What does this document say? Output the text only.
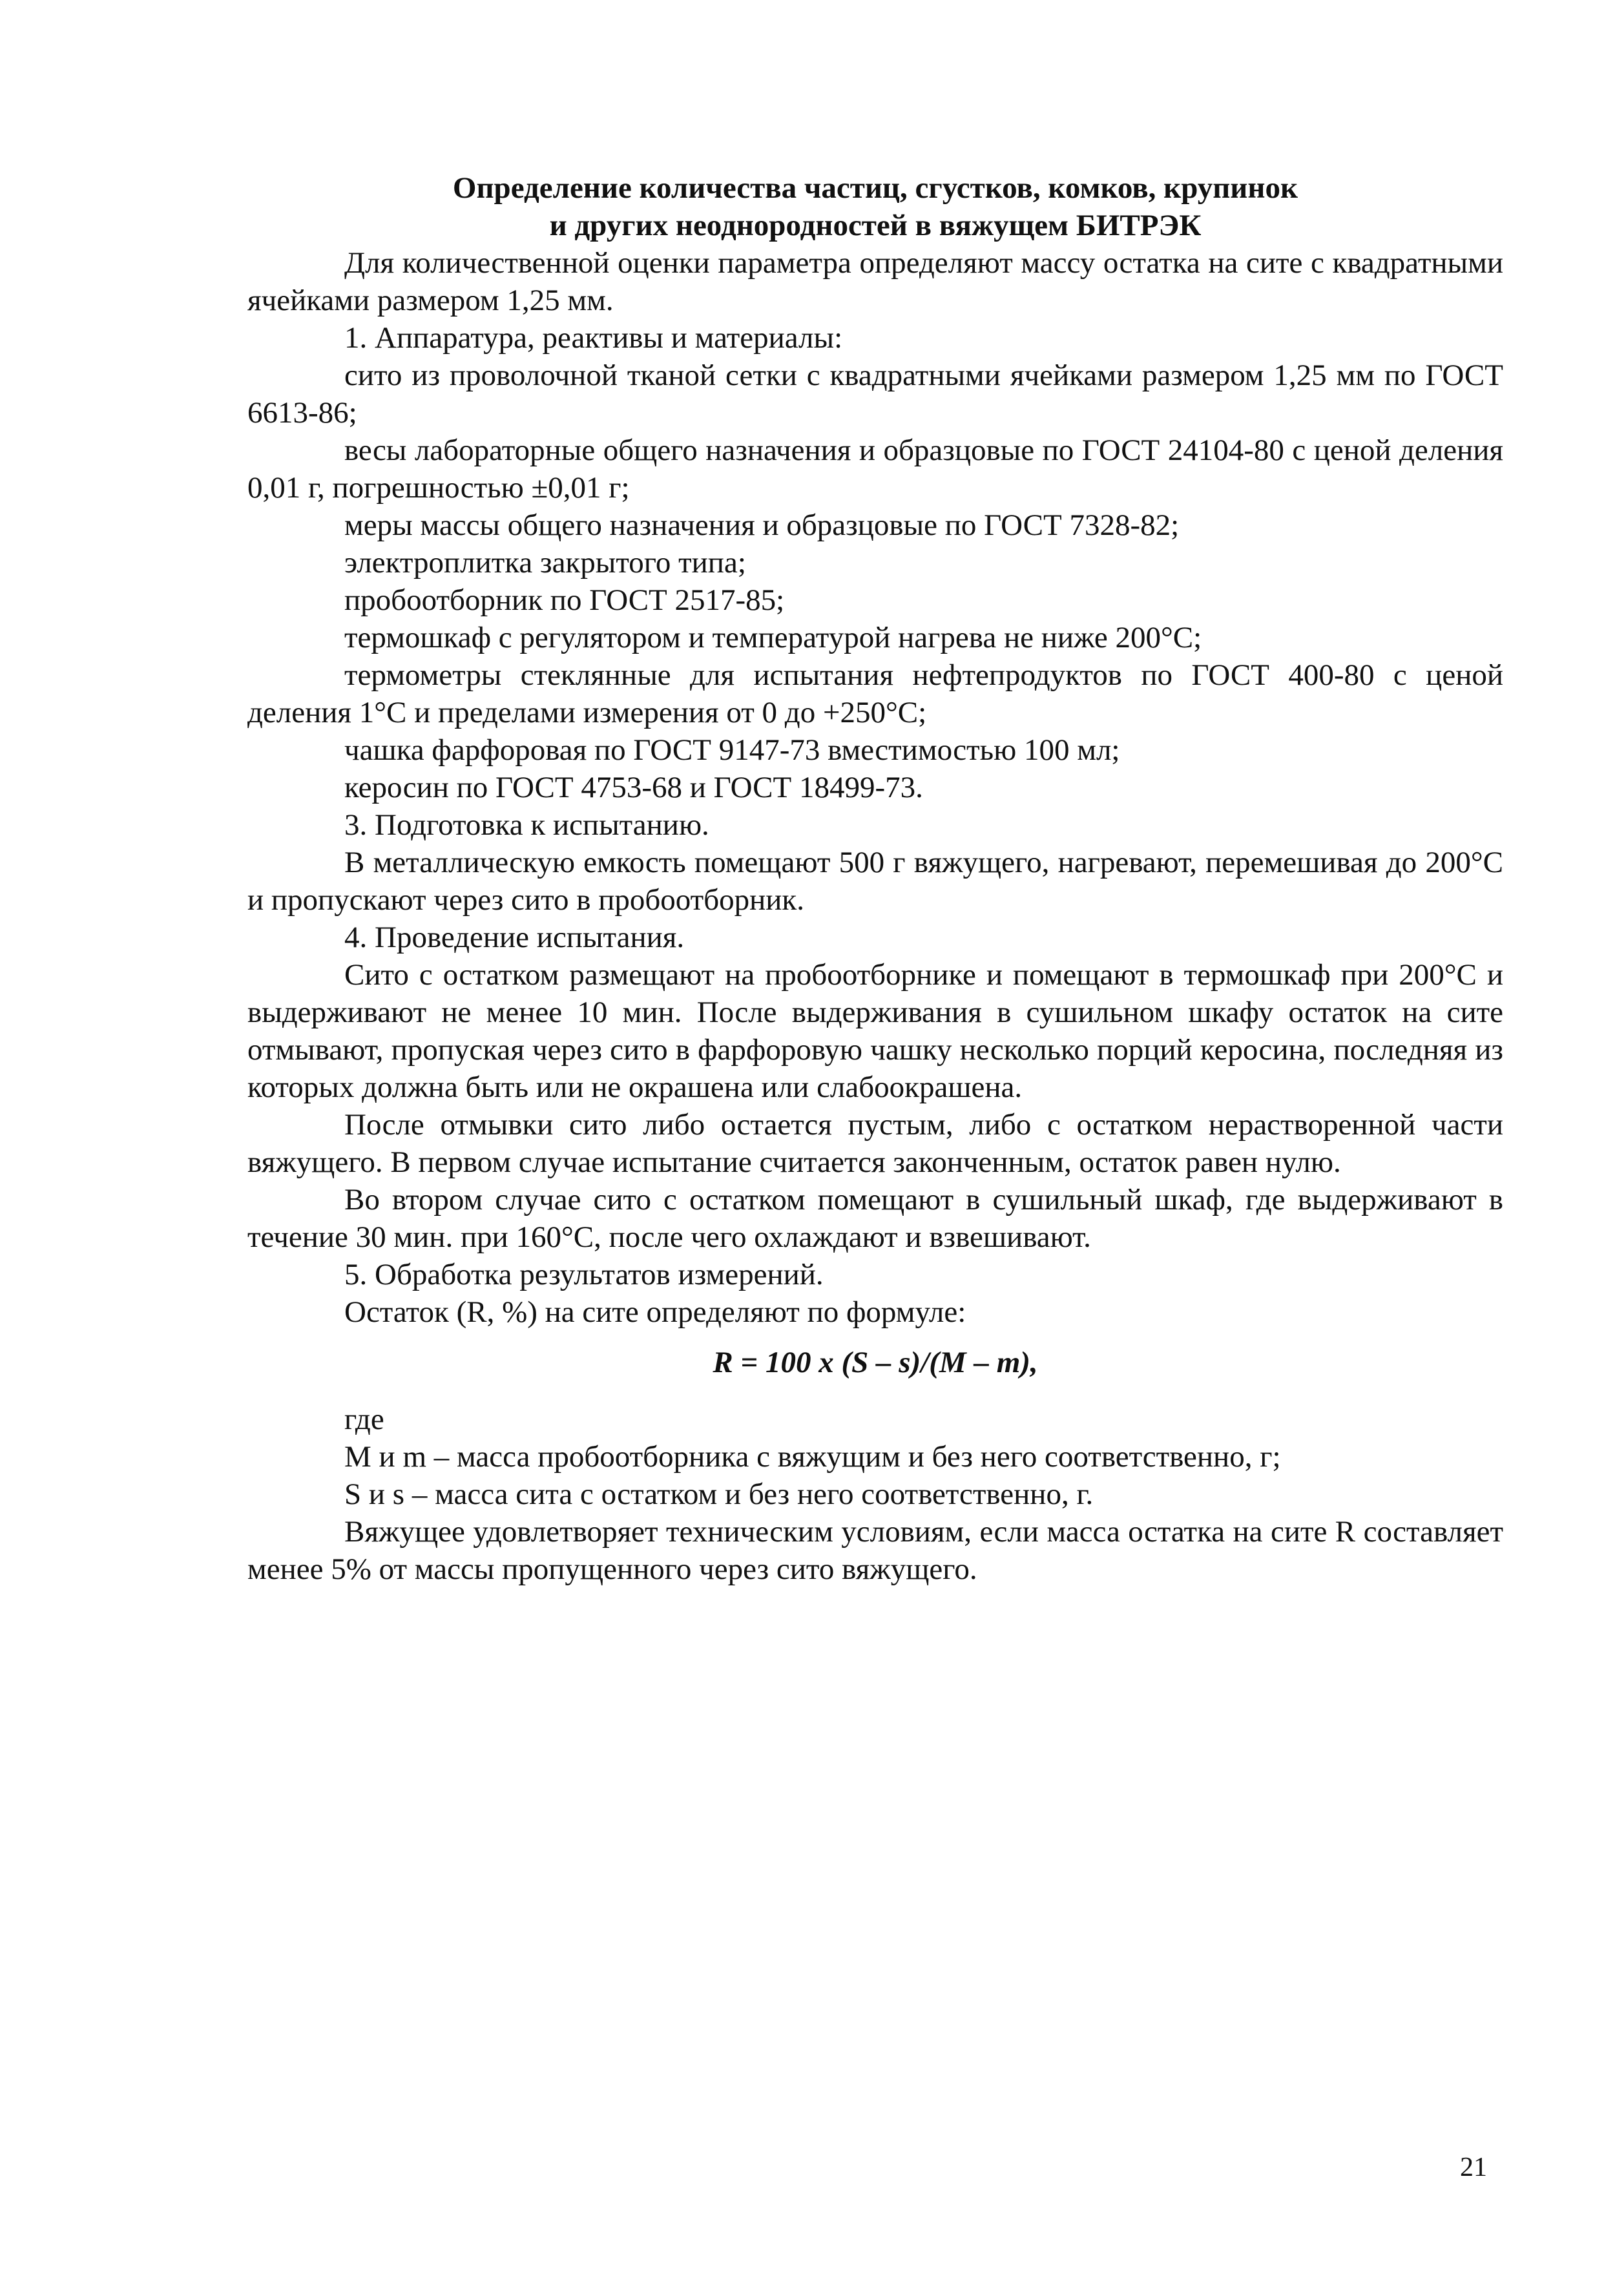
Определение количества частиц, сгустков, комков, крупинок
и других неоднородностей в вяжущем БИТРЭК

Для количественной оценки параметра определяют массу остатка на сите с квадратными ячейками размером 1,25 мм.

1. Аппаратура, реактивы и материалы:

сито из проволочной тканой сетки с квадратными ячейками размером 1,25 мм по ГОСТ 6613-86;

весы лабораторные общего назначения и образцовые по ГОСТ 24104-80 с ценой деления 0,01 г, погрешностью ±0,01 г;

меры массы общего назначения и образцовые по ГОСТ 7328-82;

электроплитка закрытого типа;

пробоотборник по ГОСТ 2517-85;

термошкаф с регулятором и температурой нагрева не ниже 200°С;

термометры стеклянные для испытания нефтепродуктов по ГОСТ 400-80 с ценой деления 1°С и пределами измерения от 0 до +250°С;

чашка фарфоровая по ГОСТ 9147-73 вместимостью 100 мл;

керосин по ГОСТ 4753-68 и ГОСТ 18499-73.

3. Подготовка к испытанию.

В металлическую емкость помещают 500 г вяжущего, нагревают, перемешивая до 200°С и пропускают через сито в пробоотборник.

4. Проведение испытания.

Сито с остатком размещают на пробоотборнике и помещают в термошкаф при 200°С и выдерживают не менее 10 мин. После выдерживания в сушильном шкафу остаток на сите отмывают, пропуская через сито в фарфоровую чашку несколько порций керосина, последняя из которых должна быть или не окрашена или слабоокрашена.

После отмывки сито либо остается пустым, либо с остатком нерастворенной части вяжущего. В первом случае испытание считается законченным, остаток равен нулю.

Во втором случае сито с остатком помещают в сушильный шкаф, где выдерживают в течение 30 мин. при 160°С, после чего охлаждают и взвешивают.

5. Обработка результатов измерений.

Остаток (R, %) на сите определяют по формуле:

R = 100 x (S – s)/(M – m),

где

M и m – масса пробоотборника с вяжущим и без него соответственно, г;

S и s – масса сита с остатком и без него соответственно, г.

Вяжущее удовлетворяет техническим условиям, если масса остатка на сите R составляет менее 5% от массы пропущенного через сито вяжущего.

21
